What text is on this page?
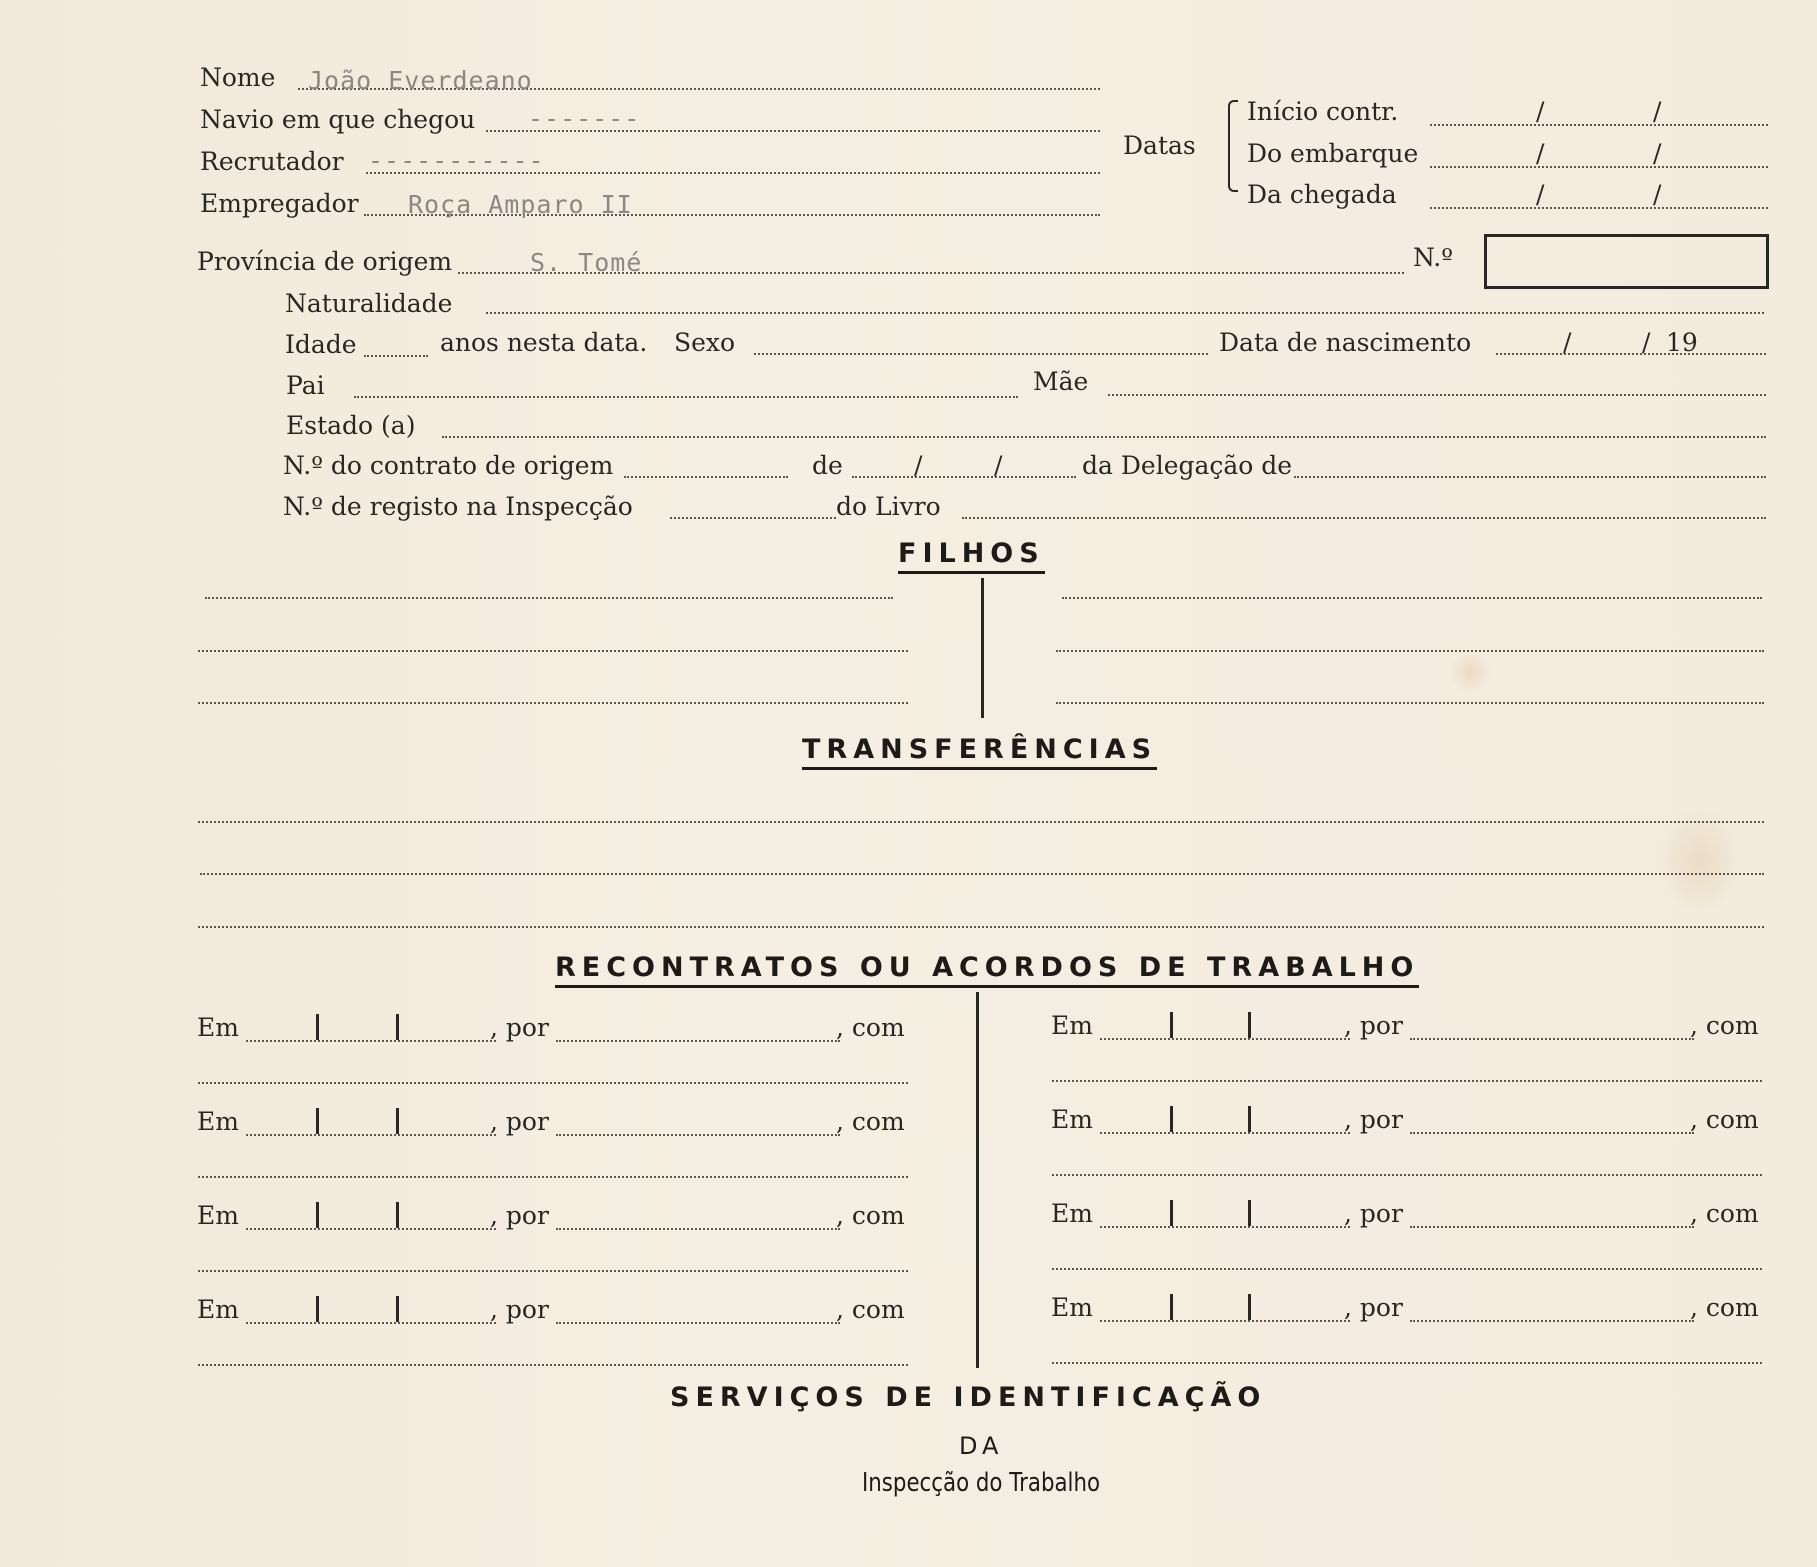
Nome João Everdeano
Navio em que chegou -------
Recrutador -----------
Empregador Roça Amparo II
Datas
Início contr.	/	/
Do embarque	/	/
Da chegada	/	/
Província de origem	S. Tomé	N.º
Naturalidade
Idade	anos nesta data. Sexo	Data de nascimento	/	/ 19
Pai	Mãe
Estado (a)
N.º do contrato de origem	de	/	/	da Delegação de
N.º de registo na Inspecção	do Livro
FILHOS
TRANSFERÊNCIAS
RECONTRATOS OU ACORDOS DE TRABALHO
Em	, por	, com
Em	, por	, com
Em	, por	, com
Em	, por	, com
Em	, por	, com
Em	, por	, com
Em	, por	, com
Em	, por	, com
SERVIÇOS DE IDENTIFICAÇÃO
DA
Inspecção do Trabalho
